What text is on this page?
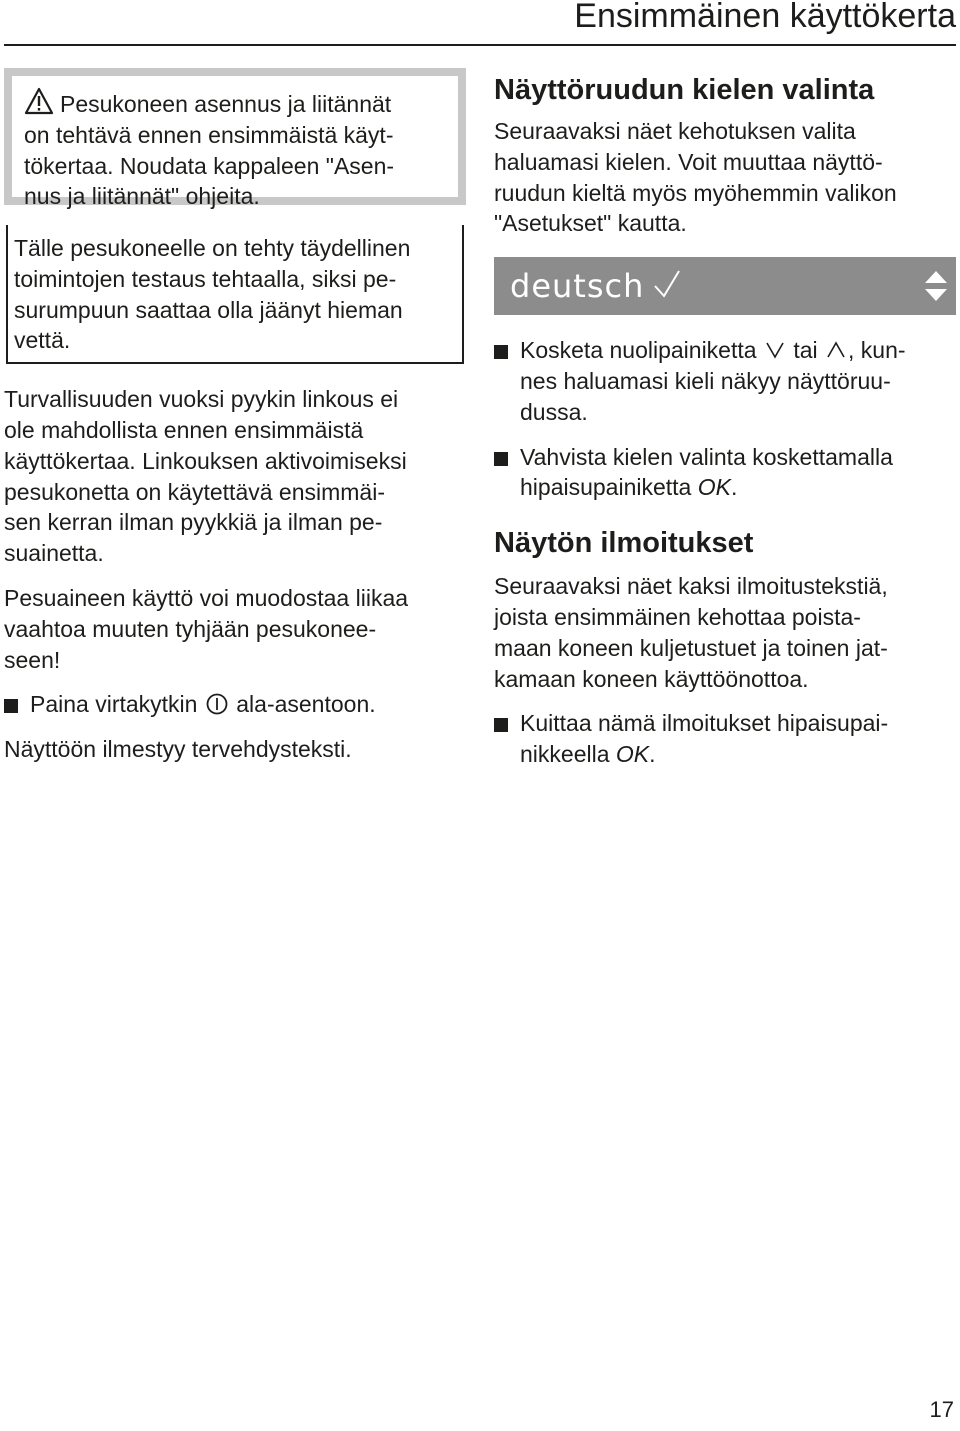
Ensimmäinen käyttökerta

Pesukoneen asennus ja liitännät
on tehtävä ennen ensimmäistä käyt-
tökertaa. Noudata kappaleen "Asen-
nus ja liitännät" ohjeita.

Tälle pesukoneelle on tehty täydellinen
toimintojen testaus tehtaalla, siksi pe-
surumpuun saattaa olla jäänyt hieman
vettä.

Turvallisuuden vuoksi pyykin linkous ei
ole mahdollista ennen ensimmäistä
käyttökertaa. Linkouksen aktivoimiseksi
pesukonetta on käytettävä ensimmäi-
sen kerran ilman pyykkiä ja ilman pe-
suainetta.

Pesuaineen käyttö voi muodostaa liikaa
vaahtoa muuten tyhjään pesukonee-
seen!

Paina virtakytkin ala-asentoon.

Näyttöön ilmestyy tervehdysteksti.

Näyttöruudun kielen valinta

Seuraavaksi näet kehotuksen valita
haluamasi kielen. Voit muuttaa näyttö-
ruudun kieltä myös myöhemmin valikon
"Asetukset" kautta.

deutsch

Kosketa nuolipainiketta tai , kun-
nes haluamasi kieli näkyy näyttöruu-
dussa.

Vahvista kielen valinta koskettamalla
hipaisupainiketta OK.

Näytön ilmoitukset

Seuraavaksi näet kaksi ilmoitustekstiä,
joista ensimmäinen kehottaa poista-
maan koneen kuljetustuet ja toinen jat-
kamaan koneen käyttöönottoa.

Kuittaa nämä ilmoitukset hipaisupai-
nikkeella OK.

17
